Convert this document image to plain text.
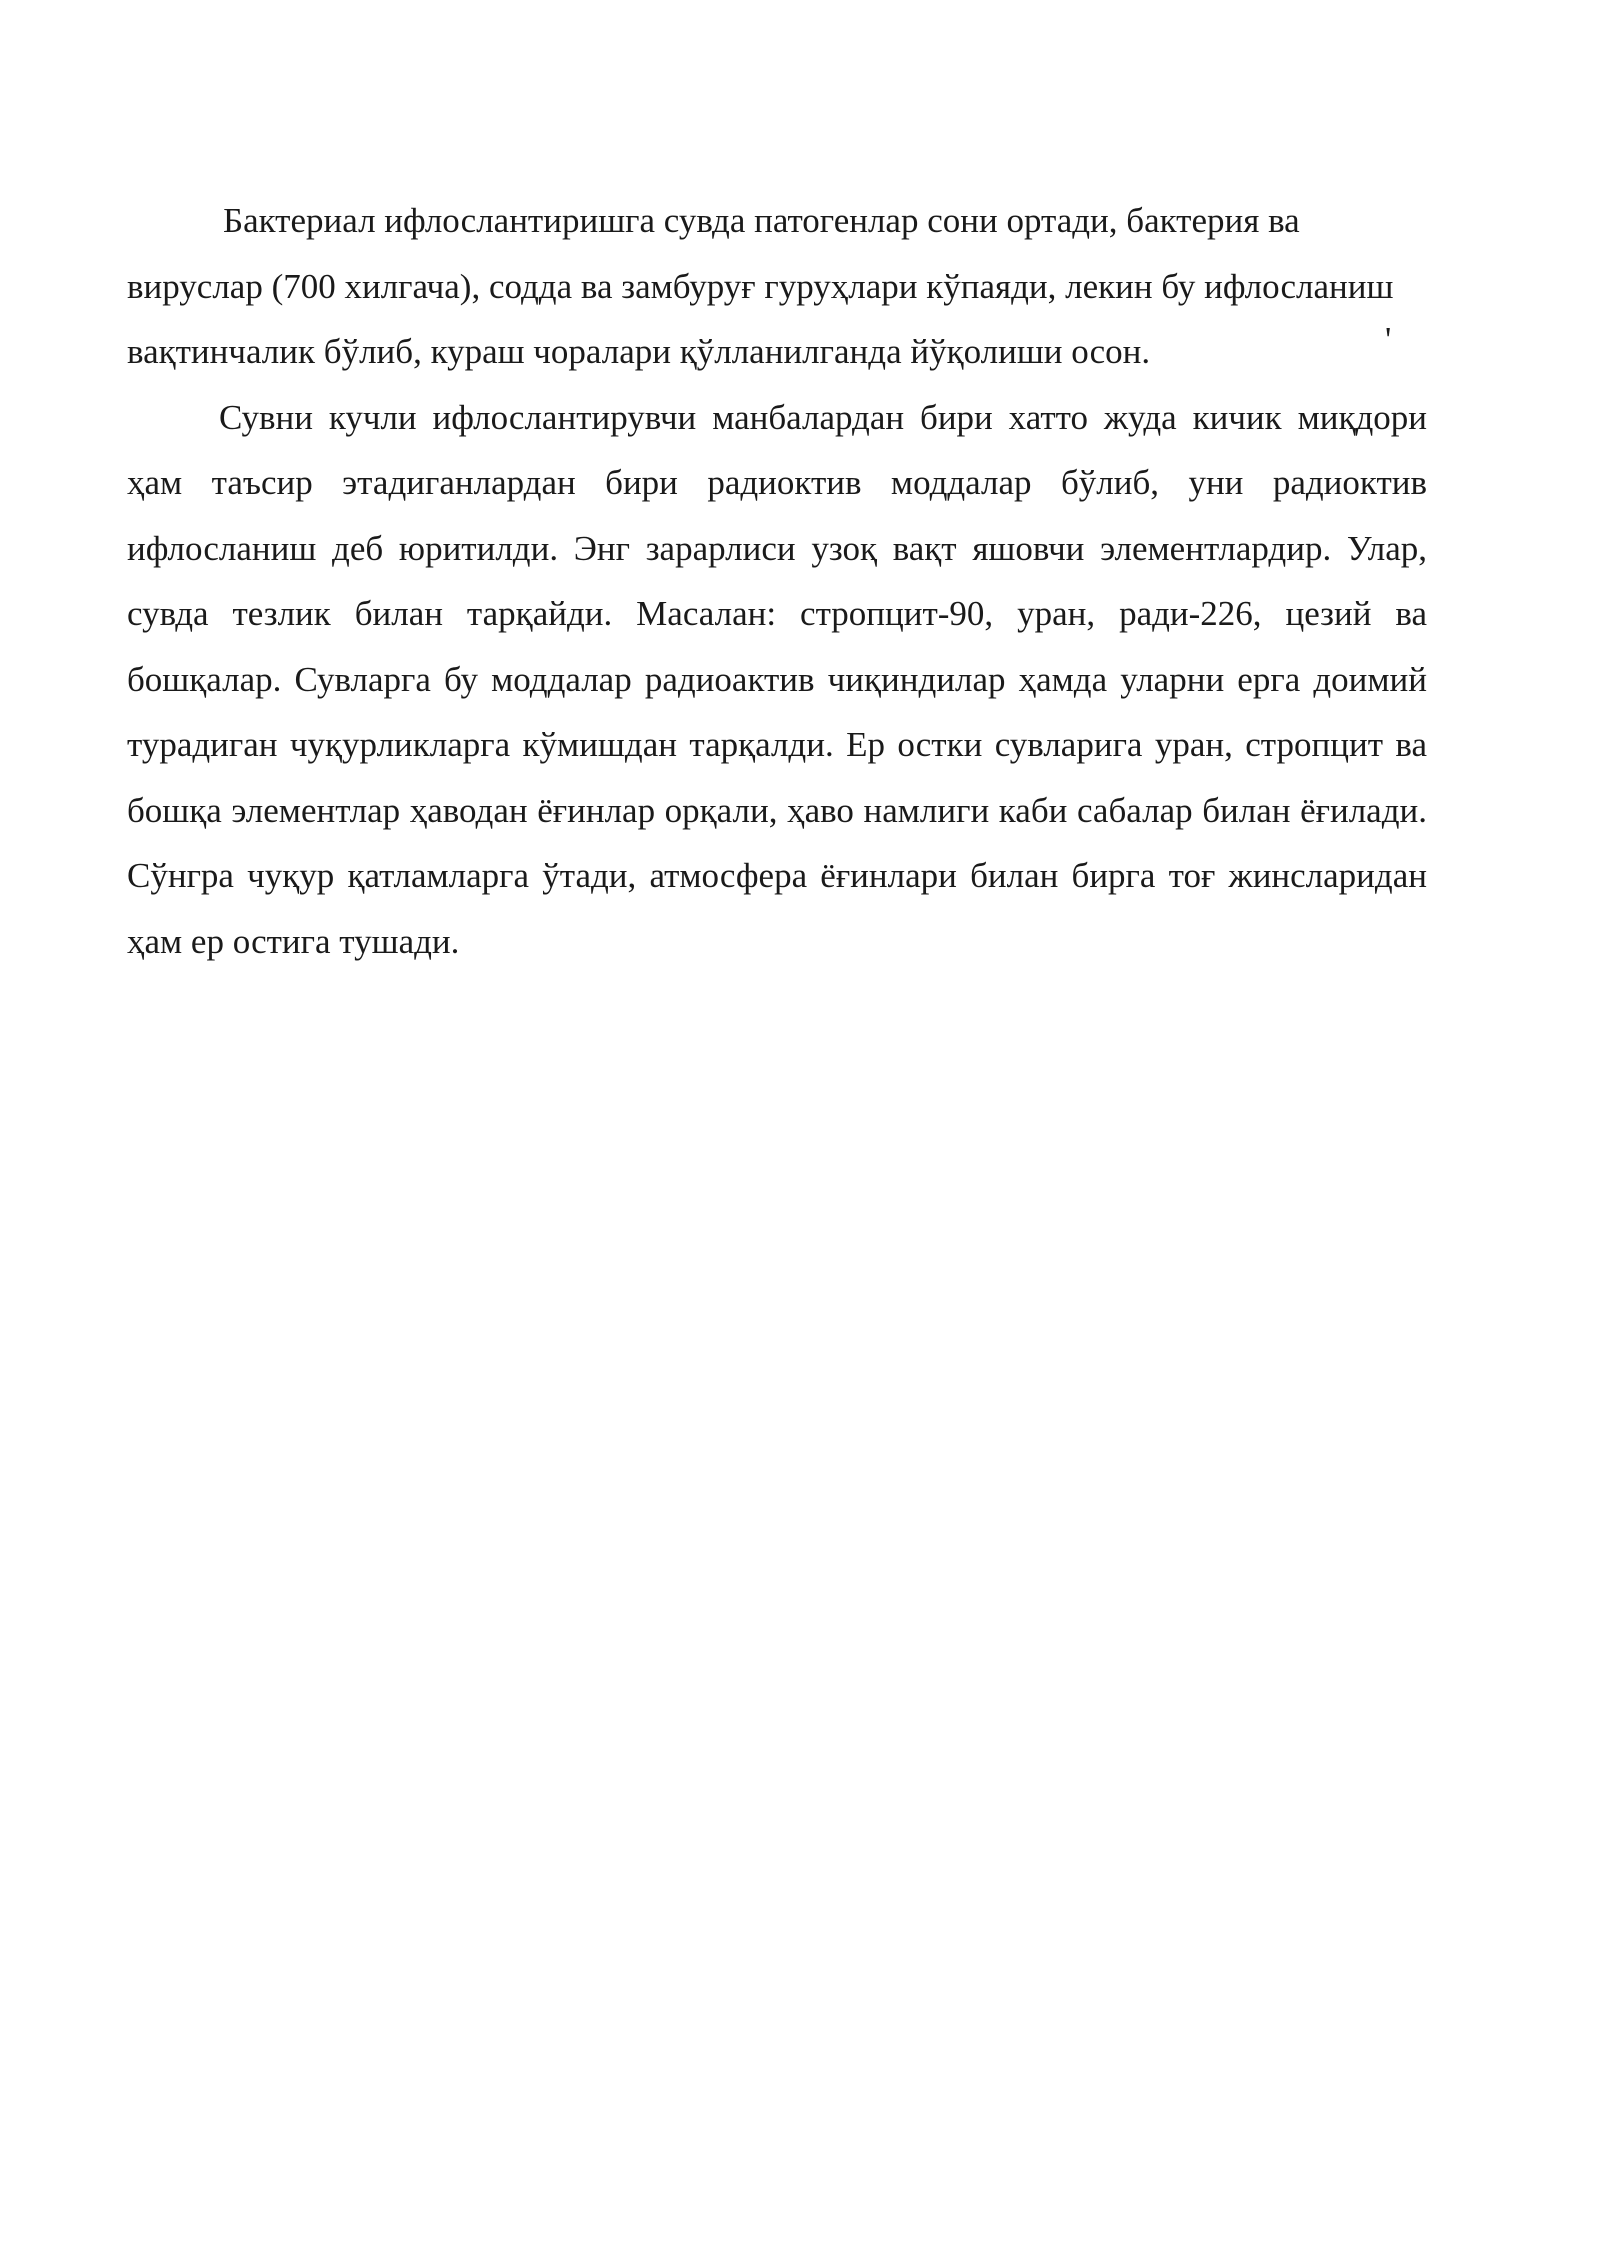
Бактериал ифлослантиришга сувда патогенлар сони ортади, бактерия ва вируслар (700 хилгача), содда ва замбуруғ гуруҳлари кўпаяди, лекин бу ифлосланиш вақтинчалик бўлиб, кураш чоралари қўлланилганда йўқолиши осон.

Сувни кучли ифлослантирувчи манбалардан бири хатто жуда кичик миқдори ҳам таъсир этадиганлардан бири радиоктив моддалар бўлиб, уни радиоктив ифлосланиш деб юритилди. Энг зарарлиси узоқ вақт яшовчи элементлардир. Улар, сувда тезлик билан тарқайди. Масалан: стропцит-90, уран, ради-226, цезий ва бошқалар. Сувларга бу моддалар радиоактив чиқиндилар ҳамда уларни ерга доимий турадиган чуқурликларга кўмишдан тарқалди. Ер остки сувларига уран, стропцит ва бошқа элементлар ҳаводан ёғинлар орқали, ҳаво намлиги каби сабалар билан ёғилади. Сўнгра чуқур қатламларга ўтади, атмосфера ёғинлари билан бирга тоғ жинсларидан ҳам ер остига тушади.

'
